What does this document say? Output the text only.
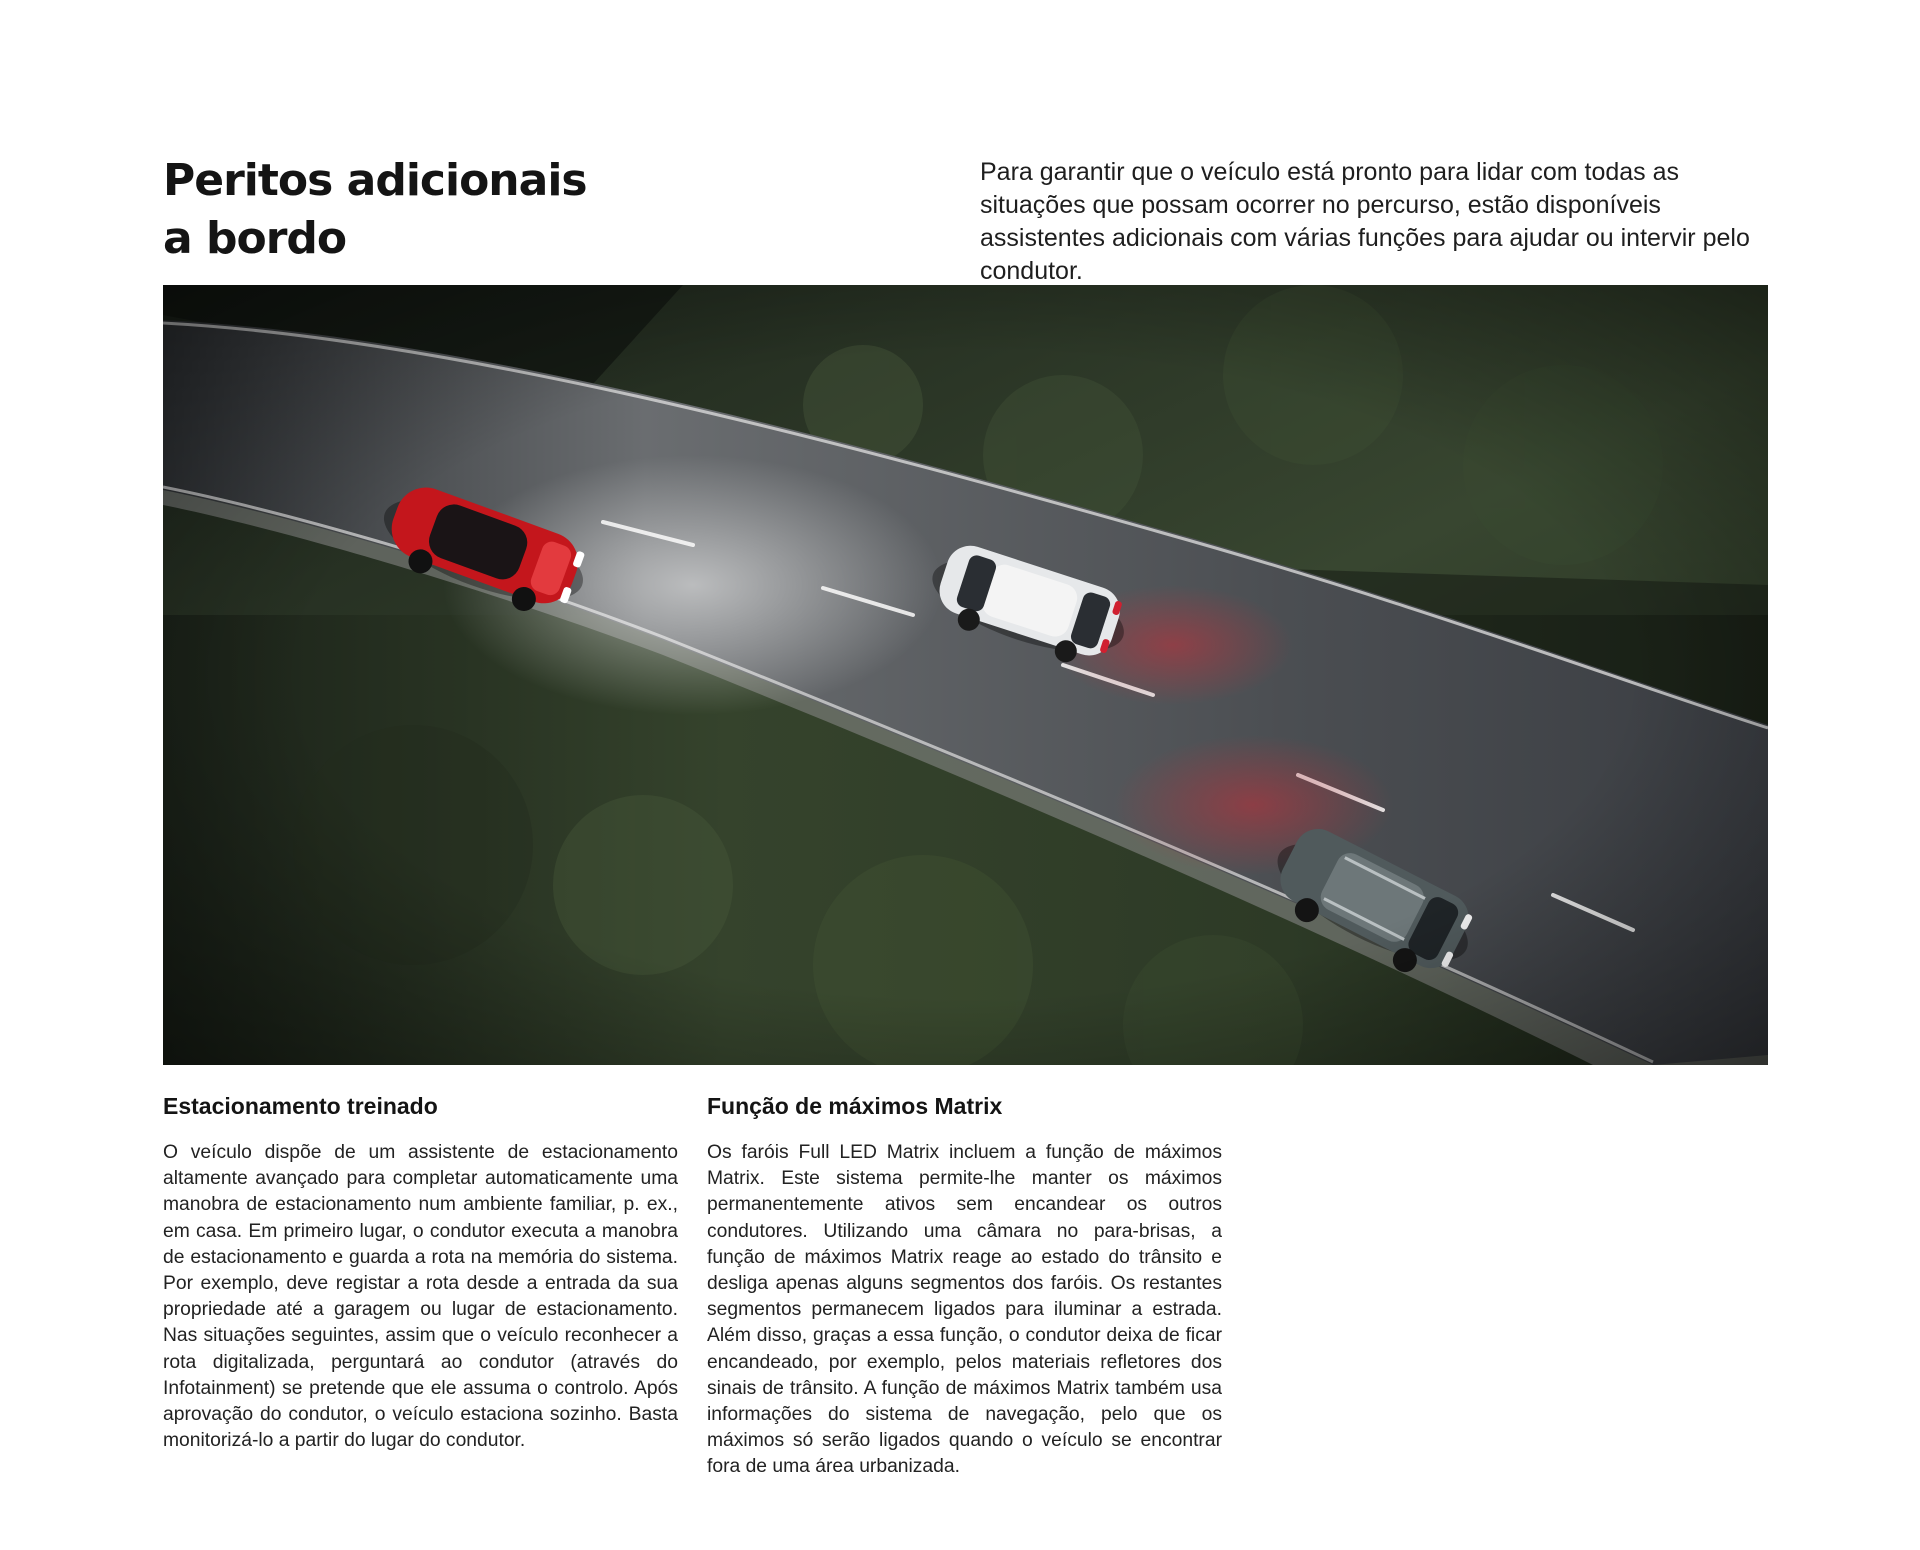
Peritos adicionais
a bordo

Para garantir que o veículo está pronto para lidar com todas as situações que possam ocorrer no percurso, estão disponíveis assistentes adicionais com várias funções para ajudar ou intervir pelo condutor.

Estacionamento treinado

O veículo dispõe de um assistente de estacionamento altamente avançado para completar automaticamente uma manobra de estacionamento num ambiente familiar, p. ex., em casa. Em primeiro lugar, o condutor executa a manobra de estacionamento e guarda a rota na memória do sistema. Por exemplo, deve registar a rota desde a entrada da sua propriedade até a garagem ou lugar de estacionamento. Nas situações seguintes, assim que o veículo reconhecer a rota digitalizada, perguntará ao condutor (através do Infotainment) se pretende que ele assuma o controlo. Após aprovação do condutor, o veículo estaciona sozinho. Basta monitorizá-lo a partir do lugar do condutor.

Função de máximos Matrix

Os faróis Full LED Matrix incluem a função de máximos Matrix. Este sistema permite-lhe manter os máximos permanentemente ativos sem encandear os outros condutores. Utilizando uma câmara no para-brisas, a função de máximos Matrix reage ao estado do trânsito e desliga apenas alguns segmentos dos faróis. Os restantes segmentos permanecem ligados para iluminar a estrada. Além disso, graças a essa função, o condutor deixa de ficar encandeado, por exemplo, pelos materiais refletores dos sinais de trânsito. A função de máximos Matrix também usa informações do sistema de navegação, pelo que os máximos só serão ligados quando o veículo se encontrar fora de uma área urbanizada.
